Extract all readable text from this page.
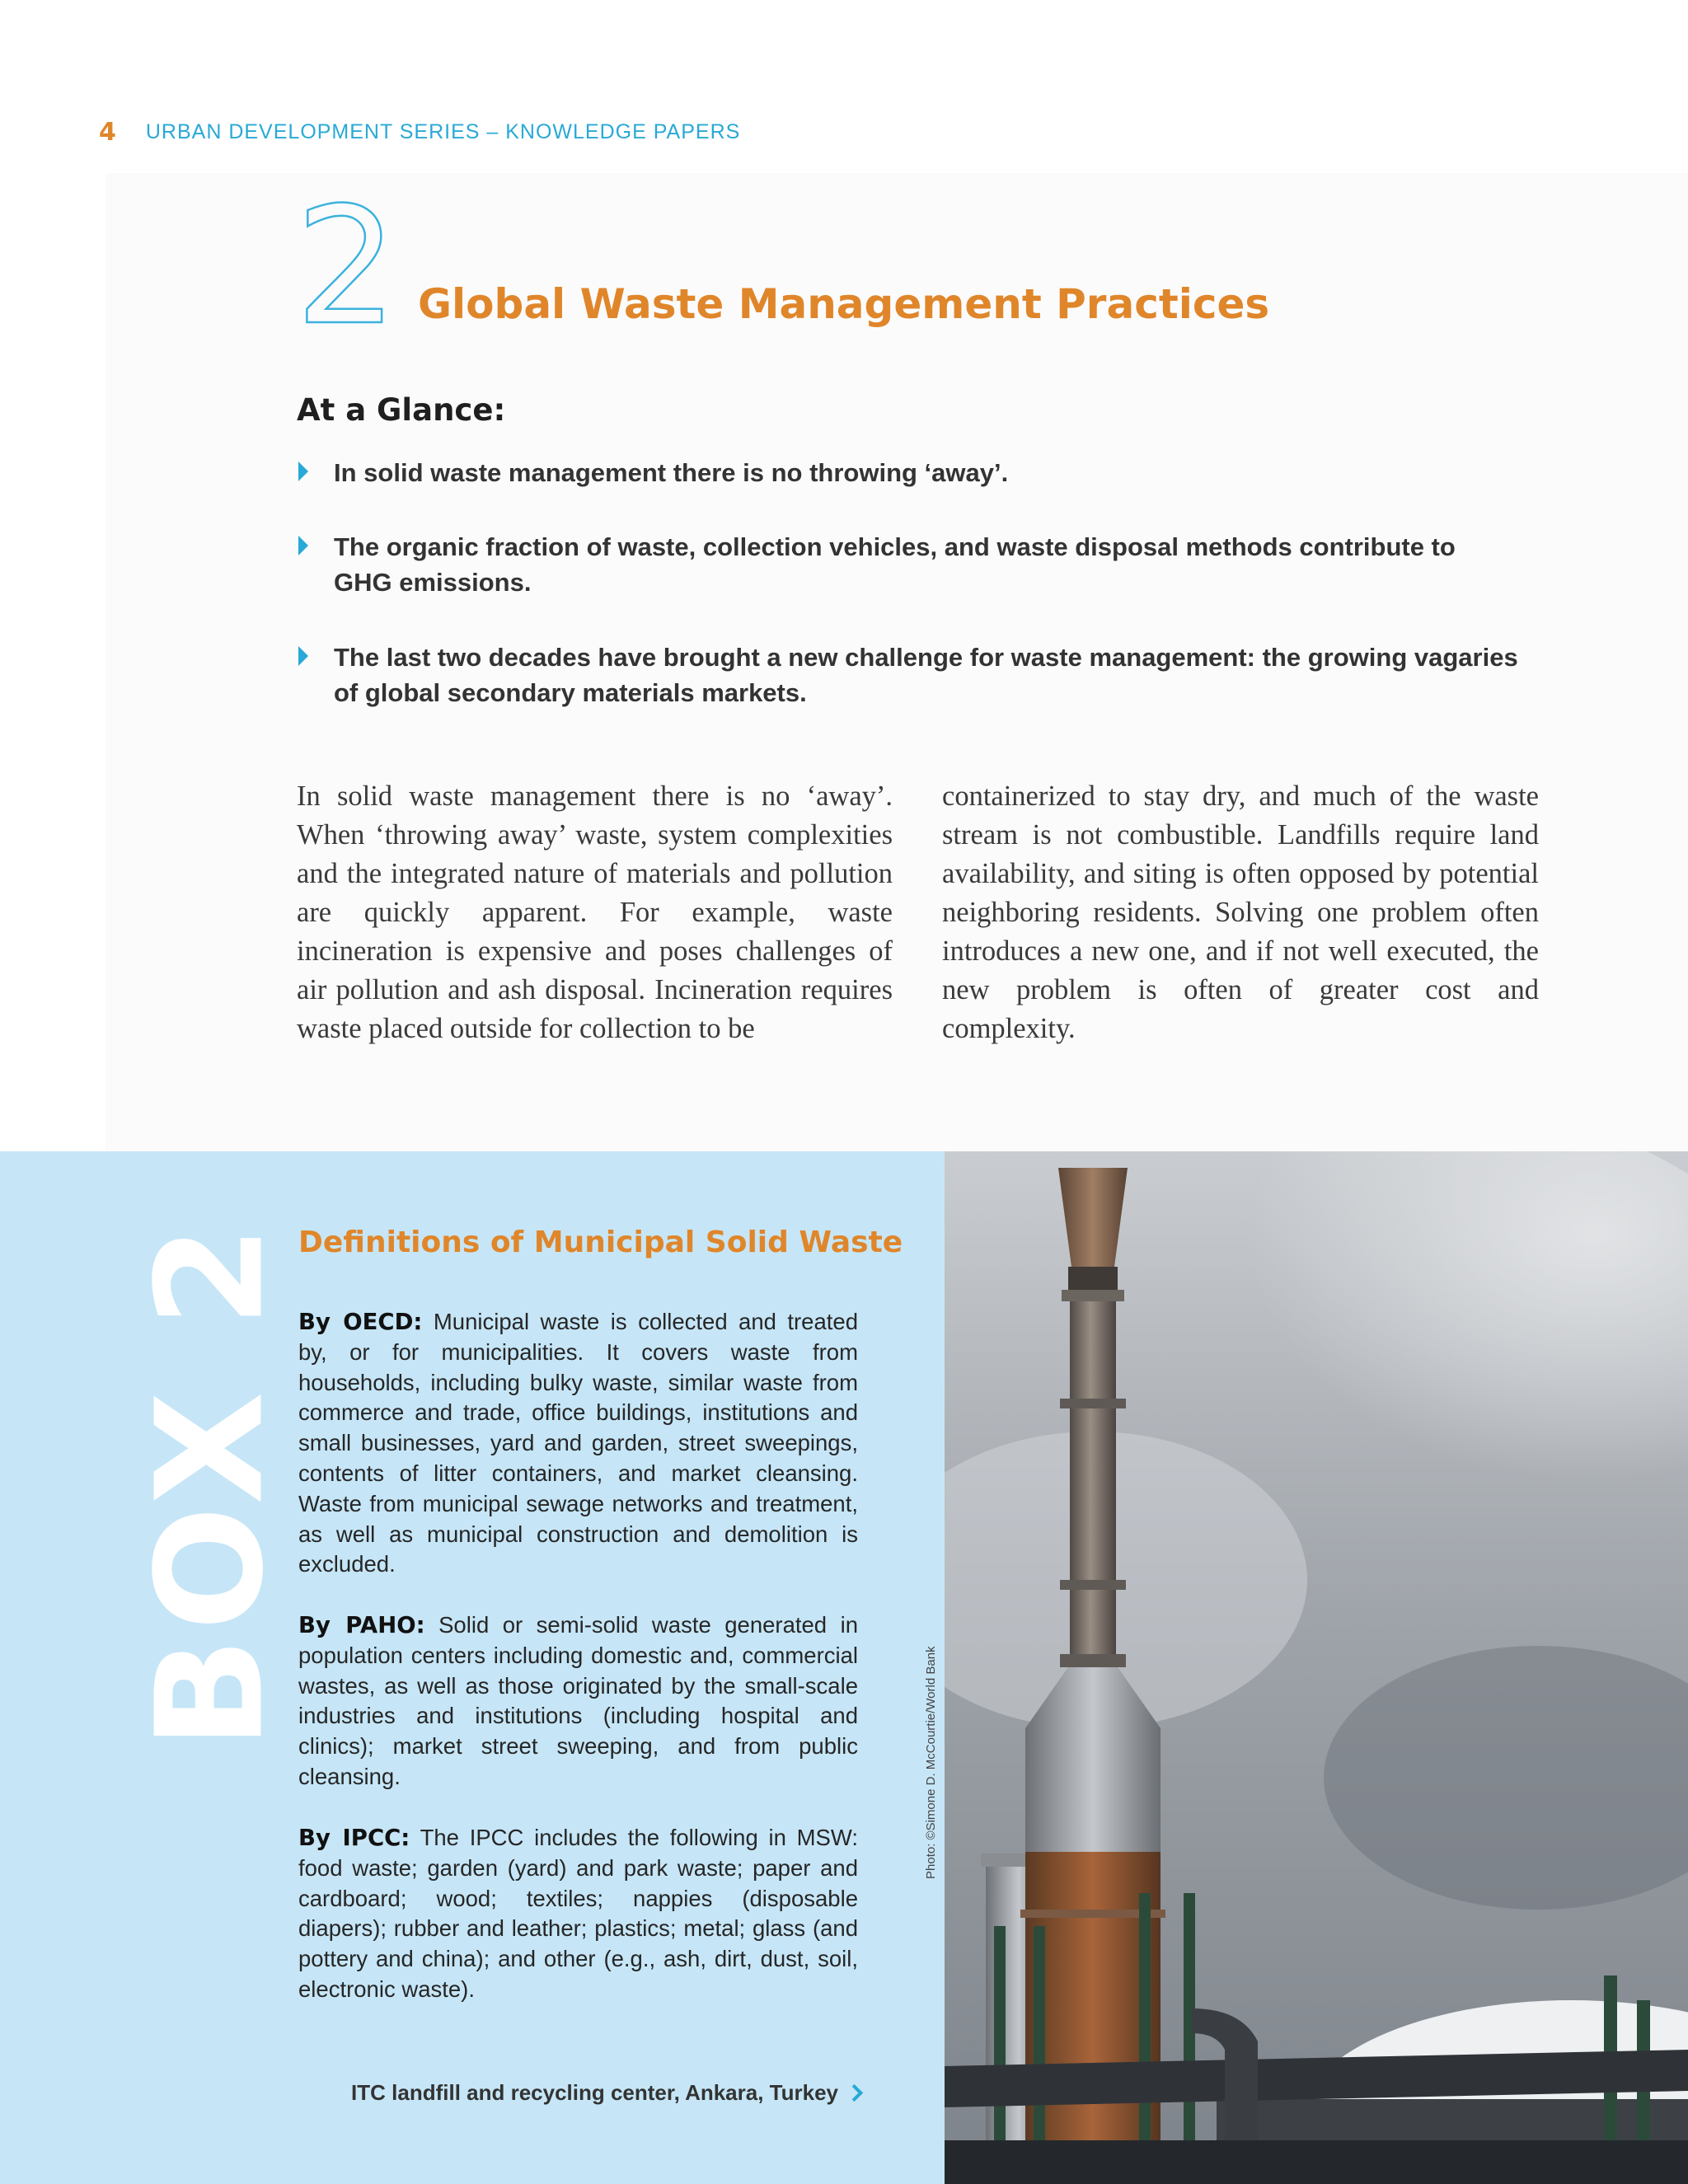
4 URBAN DEVELOPMENT SERIES – KNOWLEDGE PAPERS
2 Global Waste Management Practices
At a Glance:
In solid waste management there is no throwing ‘away’.
The organic fraction of waste, collection vehicles, and waste disposal methods contribute to GHG emissions.
The last two decades have brought a new challenge for waste management: the growing vagaries of global secondary materials markets.
In solid waste management there is no ‘away’. When ‘throwing away’ waste, system complexities and the integrated nature of materials and pollution are quickly apparent. For example, waste incineration is expensive and poses challenges of air pollution and ash disposal. Incineration requires waste placed outside for collection to be
containerized to stay dry, and much of the waste stream is not combustible. Landfills require land availability, and siting is often opposed by potential neighboring residents. Solving one problem often introduces a new one, and if not well executed, the new problem is often of greater cost and complexity.
BOX 2 Definitions of Municipal Solid Waste

By OECD: Municipal waste is collected and treated by, or for municipalities. It covers waste from households, including bulky waste, similar waste from commerce and trade, office buildings, institutions and small businesses, yard and garden, street sweepings, contents of litter containers, and market cleansing. Waste from municipal sewage networks and treatment, as well as municipal construction and demolition is excluded.

By PAHO: Solid or semi-solid waste generated in population centers including domestic and, commercial wastes, as well as those originated by the small-scale industries and institutions (including hospital and clinics); market street sweeping, and from public cleansing.

By IPCC: The IPCC includes the following in MSW: food waste; garden (yard) and park waste; paper and cardboard; wood; textiles; nappies (disposable diapers); rubber and leather; plastics; metal; glass (and pottery and china); and other (e.g., ash, dirt, dust, soil, electronic waste).

ITC landfill and recycling center, Ankara, Turkey
Photo: ©Simone D. McCourtie/World Bank
